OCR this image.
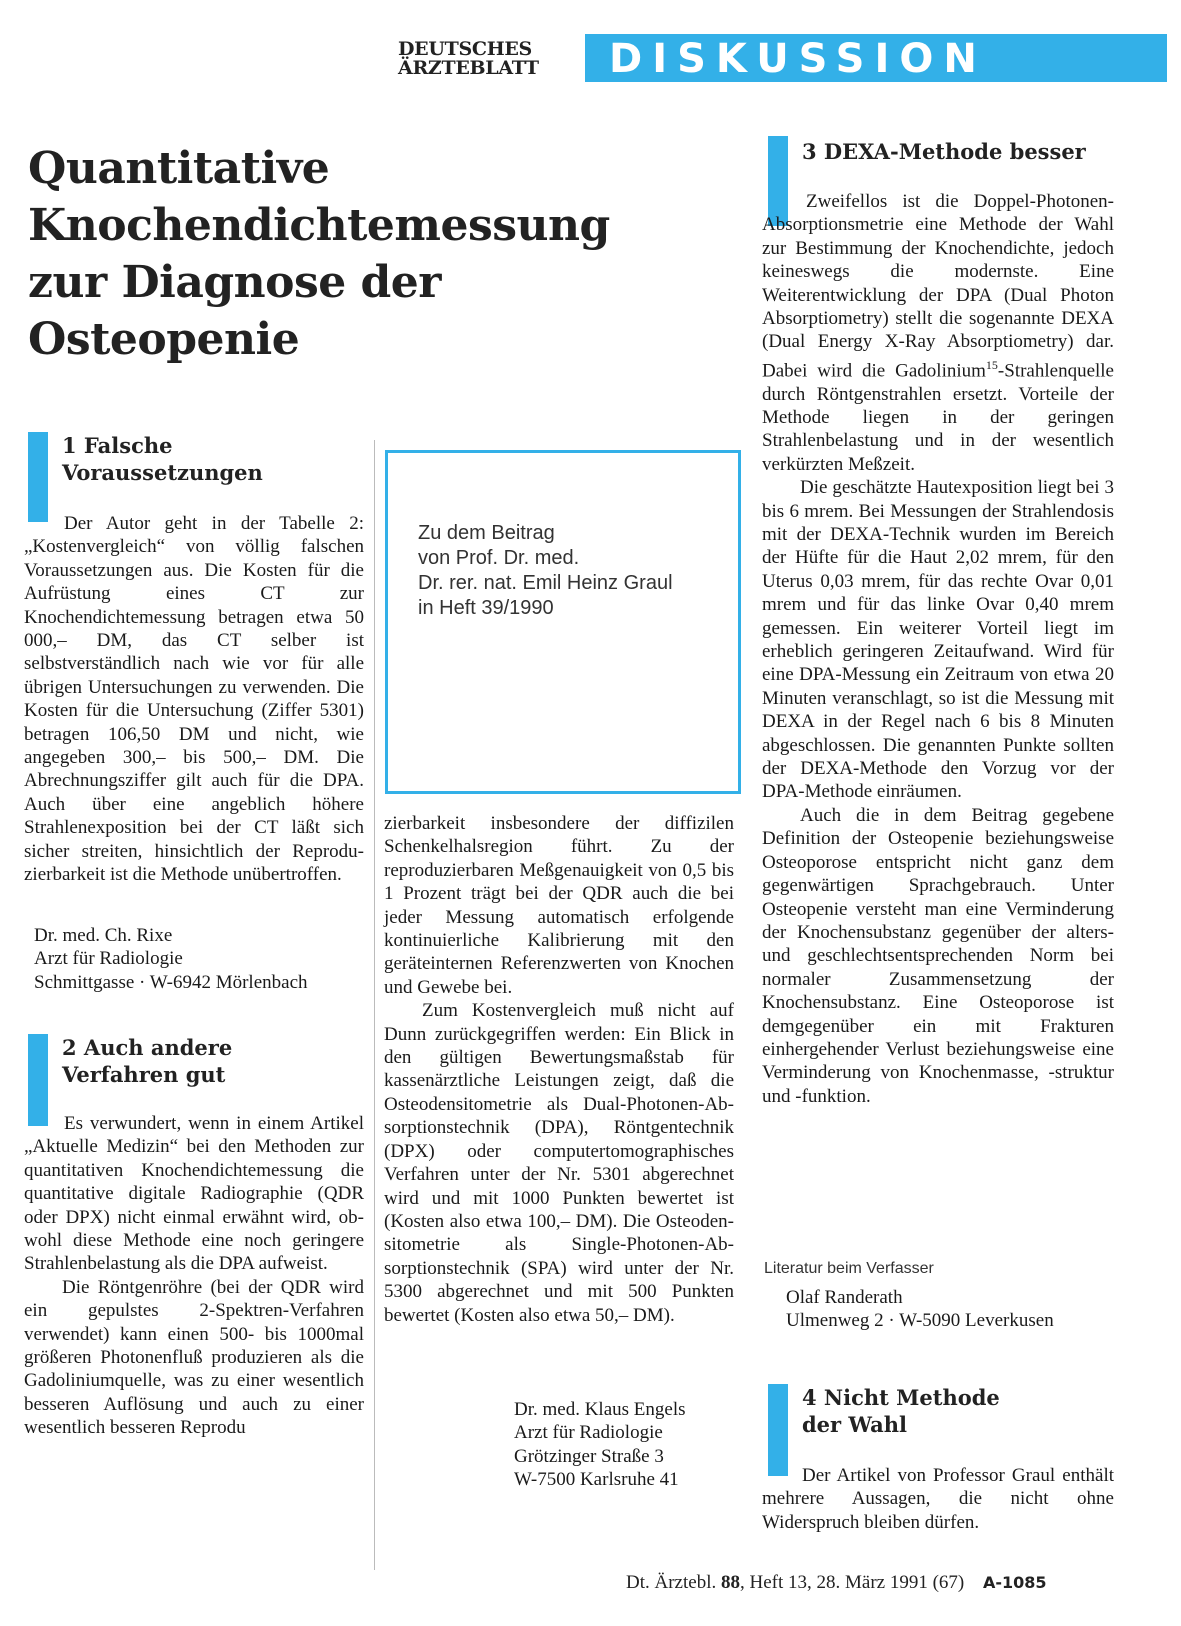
DEUTSCHES
ÄRZTEBLATT	DISKUSSION
Quantitative
Knochendichtemessung
zur Diagnose der
Osteopenie
1 Falsche
Voraussetzungen

Der Autor geht in der Tabelle 2: „Kostenvergleich“ von völlig falschen Voraussetzungen aus. Die Kosten für die Aufrüstung eines CT zur Knochendichtemessung betragen etwa 50 000,– DM, das CT selber ist selbstverständlich nach wie vor für alle übrigen Untersuchungen zu verwenden. Die Kosten für die Untersuchung (Ziffer 5301) betragen 106,50 DM und nicht, wie angegeben 300,– bis 500,– DM. Die Abrechnungsziffer gilt auch für die DPA. Auch über eine angeblich höhere Strahlenexposition bei der CT läßt sich sicher streiten, hinsichtlich der Reproduzierbarkeit ist die Methode unübertroffen.

Dr. med. Ch. Rixe
Arzt für Radiologie
Schmittgasse · W-6942 Mörlenbach
2 Auch andere
Verfahren gut

Es verwundert, wenn in einem Artikel „Aktuelle Medizin“ bei den Methoden zur quantitativen Knochendichtemessung die quantitative digitale Radiographie (QDR oder DPX) nicht einmal erwähnt wird, obwohl diese Methode eine noch geringere Strahlenbelastung als die DPA aufweist.

Die Röntgenröhre (bei der QDR wird ein gepulstes 2-Spektren-Verfahren verwendet) kann einen 500- bis 1000mal größeren Photonenfluß produzieren als die Gadoliniumquelle, was zu einer wesentlich besseren Auflösung und auch zu einer wesentlich besseren Reprodu

Zu dem Beitrag
von Prof. Dr. med.
Dr. rer. nat. Emil Heinz Graul
in Heft 39/1990

zierbarkeit insbesondere der diffizilen Schenkelhalsregion führt. Zu der reproduzierbaren Meßgenauigkeit von 0,5 bis 1 Prozent trägt bei der QDR auch die bei jeder Messung automatisch erfolgende kontinuierliche Kalibrierung mit den geräteinternen Referenzwerten von Knochen und Gewebe bei.

Zum Kostenvergleich muß nicht auf Dunn zurückgegriffen werden: Ein Blick in den gültigen Bewertungsmaßstab für kassenärztliche Leistungen zeigt, daß die Osteodensitometrie als Dual-Photonen-Absorptionstechnik (DPA), Röntgentechnik (DPX) oder computertomographisches Verfahren unter der Nr. 5301 abgerechnet wird und mit 1000 Punkten bewertet ist (Kosten also etwa 100,– DM). Die Osteodensitometrie als Single-Photonen-Absorptionstechnik (SPA) wird unter der Nr. 5300 abgerechnet und mit 500 Punkten bewertet (Kosten also etwa 50,– DM).

Dr. med. Klaus Engels
Arzt für Radiologie
Grötzinger Straße 3
W-7500 Karlsruhe 41
3 DEXA-Methode besser

Zweifellos ist die Doppel-Photonen-Absorptionsmetrie eine Methode der Wahl zur Bestimmung der Knochendichte, jedoch keineswegs die modernste. Eine Weiterentwicklung der DPA (Dual Photon Absorptiometry) stellt die sogenannte DEXA (Dual Energy X-Ray Absorptiometry) dar. Dabei wird die Gadolinium$^{15}$-Strahlenquelle durch Röntgenstrahlen ersetzt. Vorteile der Methode liegen in der geringen Strahlenbelastung und in der wesentlich verkürzten Meßzeit.

Die geschätzte Hautexposition liegt bei 3 bis 6 mrem. Bei Messungen der Strahlendosis mit der DEXA-Technik wurden im Bereich der Hüfte für die Haut 2,02 mrem, für den Uterus 0,03 mrem, für das rechte Ovar 0,01 mrem und für das linke Ovar 0,40 mrem gemessen. Ein weiterer Vorteil liegt im erheblich geringeren Zeitaufwand. Wird für eine DPA-Messung ein Zeitraum von etwa 20 Minuten veranschlagt, so ist die Messung mit DEXA in der Regel nach 6 bis 8 Minuten abgeschlossen. Die genannten Punkte sollten der DEXA-Methode den Vorzug vor der DPA-Methode einräumen.

Auch die in dem Beitrag gegebene Definition der Osteopenie beziehungsweise Osteoporose entspricht nicht ganz dem gegenwärtigen Sprachgebrauch. Unter Osteopenie versteht man eine Verminderung der Knochensubstanz gegenüber der alters- und geschlechtsentsprechenden Norm bei normaler Zusammensetzung der Knochensubstanz. Eine Osteoporose ist demgegenüber ein mit Frakturen einhergehender Verlust beziehungsweise eine Verminderung von Knochenmasse, -struktur und -funktion.

Literatur beim Verfasser
Olaf Randerath
Ulmenweg 2 · W-5090 Leverkusen
4 Nicht Methode
der Wahl

Der Artikel von Professor Graul enthält mehrere Aussagen, die nicht ohne Widerspruch bleiben dürfen.

Dt. Ärztebl. 88, Heft 13, 28. März 1991 (67) A-1085
